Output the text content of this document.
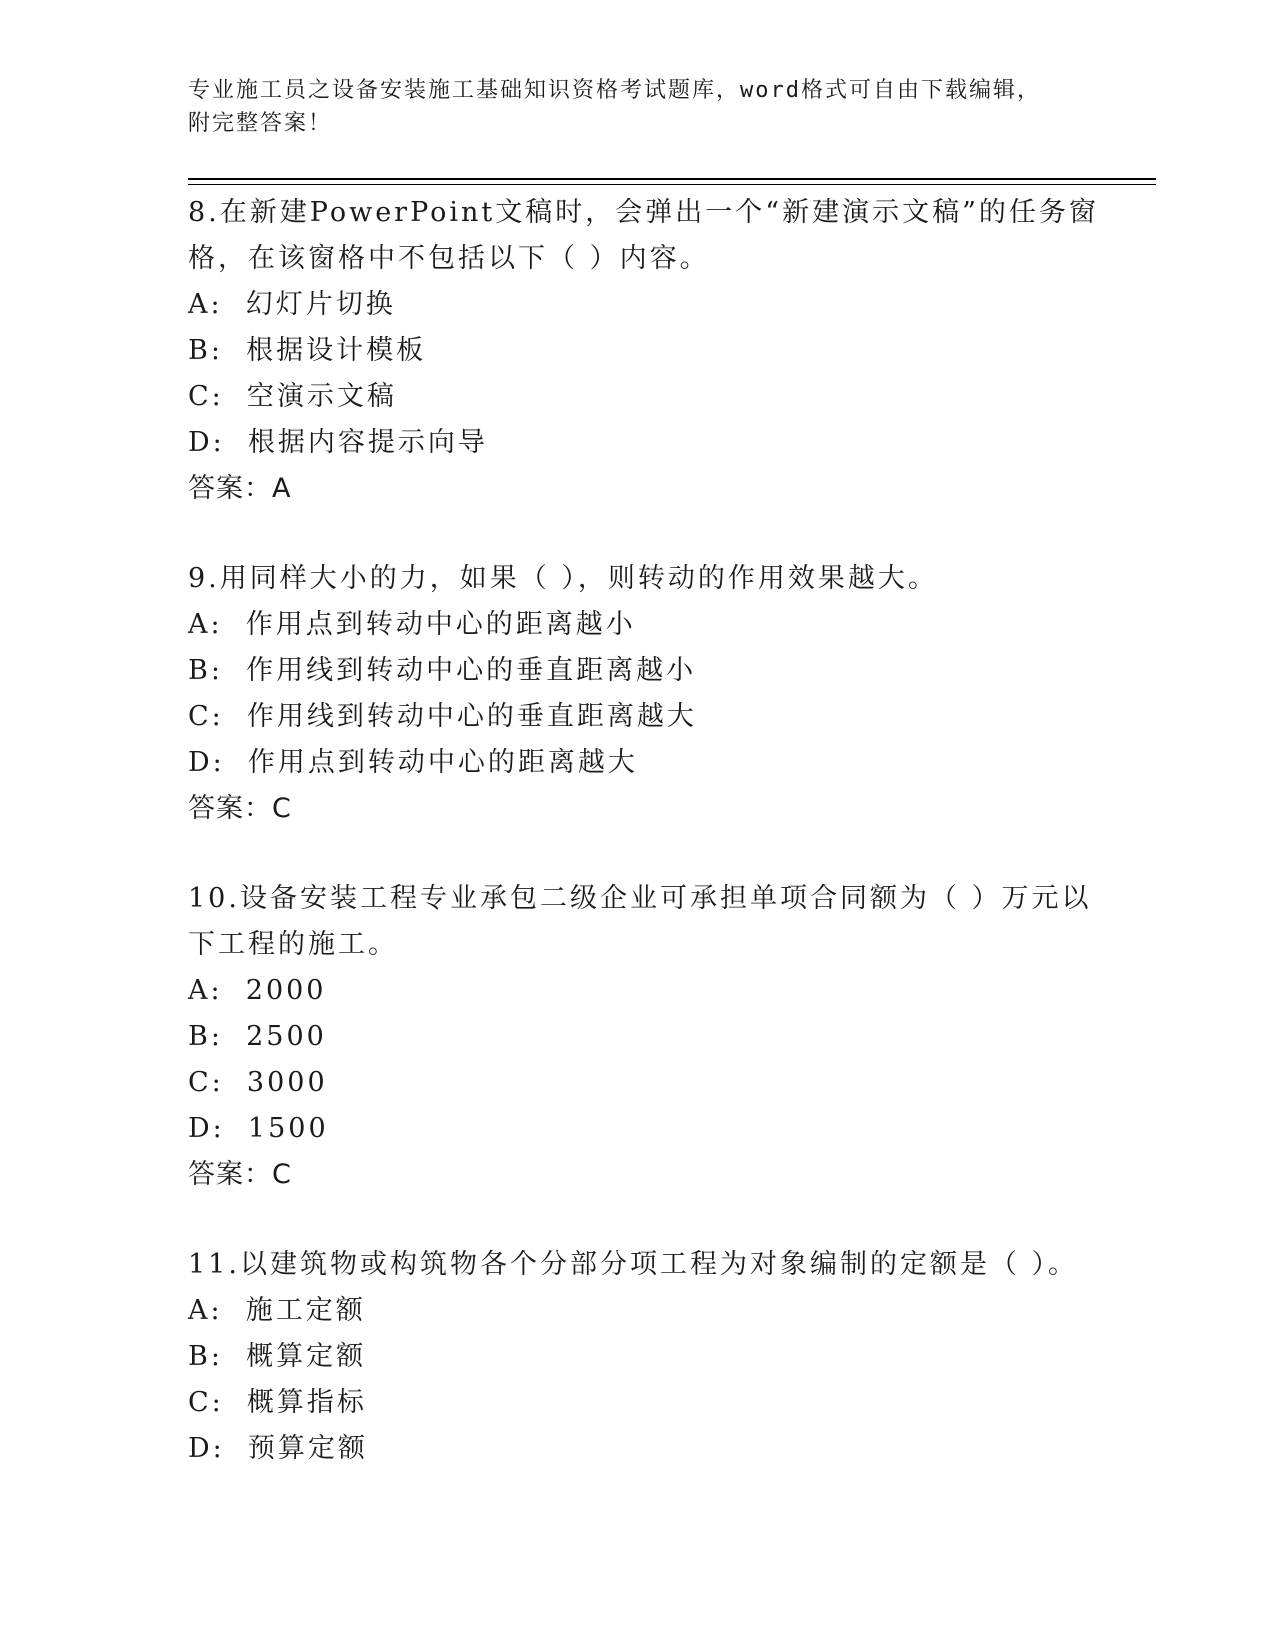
专业施工员之设备安装施工基础知识资格考试题库，word格式可自由下载编辑，
附完整答案！
8.在新建PowerPoint文稿时，会弹出一个“新建演示文稿”的任务窗
格，在该窗格中不包括以下（ ）内容。
A:  幻灯片切换
B:  根据设计模板
C:  空演示文稿
D:  根据内容提示向导
答案：A
9.用同样大小的力，如果（ ），则转动的作用效果越大。
A:  作用点到转动中心的距离越小
B:  作用线到转动中心的垂直距离越小
C:  作用线到转动中心的垂直距离越大
D:  作用点到转动中心的距离越大
答案：C
10.设备安装工程专业承包二级企业可承担单项合同额为（ ）万元以
下工程的施工。
A:  2000
B:  2500
C:  3000
D:  1500
答案：C
11.以建筑物或构筑物各个分部分项工程为对象编制的定额是（ ）。
A:  施工定额
B:  概算定额
C:  概算指标
D:  预算定额
